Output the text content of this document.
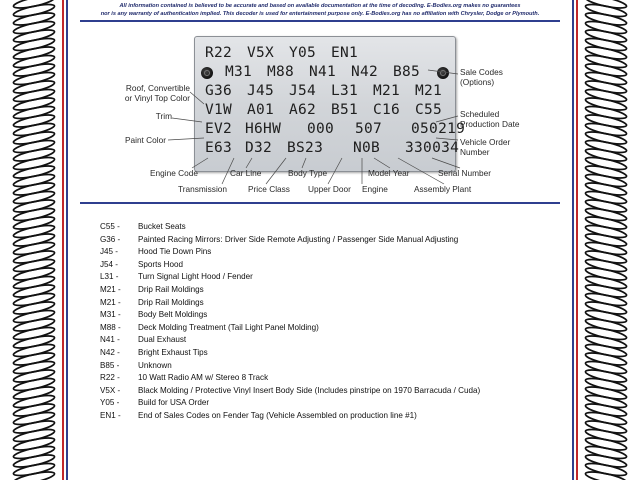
All information contained is believed to be accurate and based on available documentation at the time of decoding. E-Bodies.org makes no guarantees
nor is any warranty of authentication implied. This decoder is used for entertainment purpose only. E-Bodies.org has no affiliation with Chrysler, Dodge or Plymouth.
R22 V5X Y05 EN1
M31 M88 N41 N42 B85
G36 J45 J54 L31 M21 M21
V1W A01 A62 B51 C16 C55
EV2 H6HW 000 507 050219
E63 D32 BS23 N0B 330034
Roof, Convertible
or Vinyl Top Color
Trim
Paint Color
Sale Codes
(Options)
Scheduled
Production Date
Vehicle Order
Number
Engine Code
Transmission
Car Line
Price Class
Body Type
Upper Door Engine
Model Year
Assembly Plant
Serial Number
C55 -	Bucket Seats
G36 -	Painted Racing Mirrors: Driver Side Remote Adjusting / Passenger Side Manual Adjusting
J45 -	Hood Tie Down Pins
J54 -	Sports Hood
L31 -	Turn Signal Light Hood / Fender
M21 -	Drip Rail Moldings
M21 -	Drip Rail Moldings
M31 -	Body Belt Moldings
M88 -	Deck Molding Treatment (Tail Light Panel Molding)
N41 -	Dual Exhaust
N42 -	Bright Exhaust Tips
B85 -	Unknown
R22 -	10 Watt Radio AM w/ Stereo 8 Track
V5X -	Black Molding / Protective Vinyl Insert Body Side (Includes pinstripe on 1970 Barracuda / Cuda)
Y05 -	Build for USA Order
EN1 -	End of Sales Codes on Fender Tag (Vehicle Assembled on production line #1)
